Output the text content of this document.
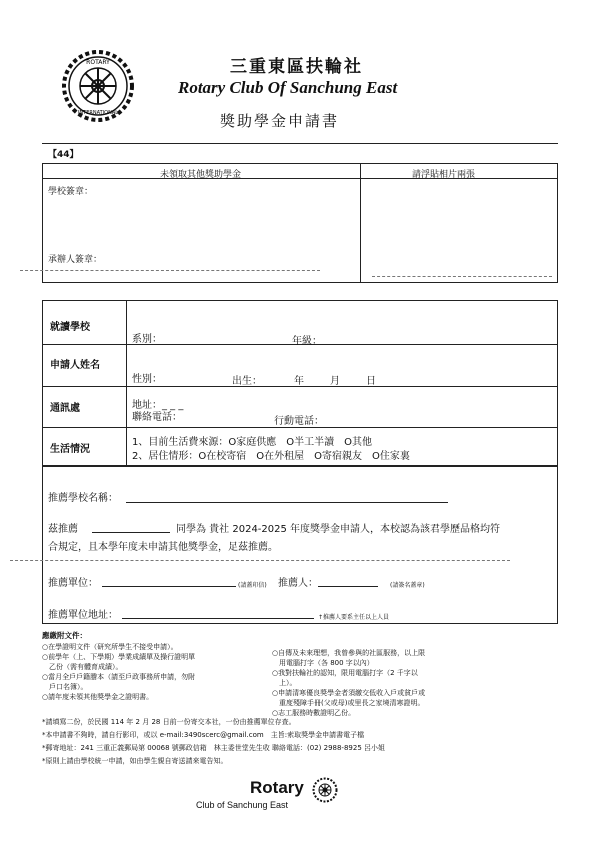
ROTARY
INTERNATIONAL
三重東區扶輪社
Rotary Club Of Sanchung East
獎助學金申請書
【44】
未領取其他獎助學金	請浮貼相片兩張
學校簽章：
承辦人簽章：
就讀學校
系別：	年級：
申請人姓名
性別：	出生：	年	月	日
通訊處	地址：_ _ _
聯絡電話：	行動電話：
生活情況
1、目前生活費來源：O家庭供應　O半工半讀　O其他
2、居住情形：O在校寄宿　O在外租屋　O寄宿親友　O住家裏
推薦學校名稱：
茲推薦	同學為 貴社 2024-2025 年度獎學金申請人，本校認為該君學歷品格均符
合規定，且本學年度未申請其他獎學金，足茲推薦。
推薦單位：	(請蓋印信) 推薦人：	(請簽名蓋章)
推薦單位地址：	↑推薦人要系主任以上人員
應繳附文件：
○在學證明文件（研究所學生不接受申請）。
○前學年（上、下學期）學業成績單及操行證明單
　乙份（需有體育成績）。
○當月全戶戶籍謄本（請至戶政事務所申請，勿附
　戶口名簿）。
○請年度未領其他獎學金之證明書。
○自傳及未來理想，我曾參與的社區服務，以上限
　用電腦打字（各 800 字以內）
○我對扶輪社的認知，限用電腦打字（2 千字以
　上）。
○申請清寒優良獎學金者須繳交低收入戶或貧戶或
　重度殘障手冊(父或母)或里長之家境清寒證明。
○志工服務時數證明乙份。
*請填寫二份，於民國 114 年 2 月 28 日前一份寄交本社，一份由推薦單位存查。
*本申請書不夠時，請自行影印，或以 e-mail:3490scerc@gmail.com　主旨:索取獎學金申請書電子檔
*郵寄地址：241 三重正義郵局第 00068 號郵政信箱　林主委世堂先生收 聯絡電話：(02) 2988-8925 呂小姐
*原則上請由學校統一申請，如由學生親自寄送請來電告知。
Rotary
Club of Sanchung East
